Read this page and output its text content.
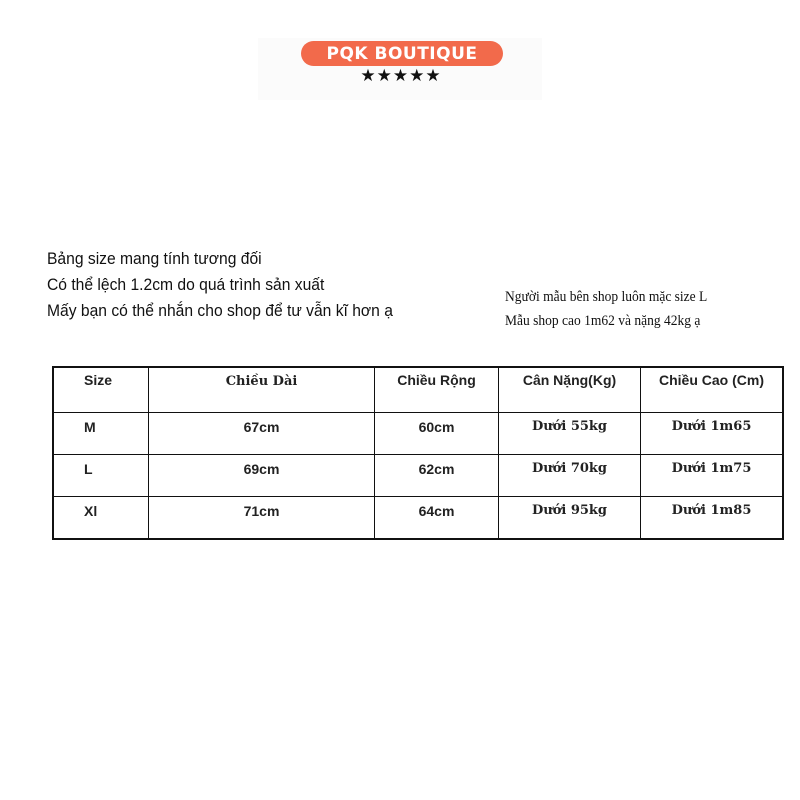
PQK BOUTIQUE
★★★★★
Bảng size mang tính tương đối
Có thể lệch 1.2cm do quá trình sản xuất
Mấy bạn có thể nhắn cho shop để tư vẫn kĩ hơn ạ
Người mẫu bên shop luôn mặc size L
Mẫu shop cao 1m62 và nặng 42kg ạ
Size	Chiều Dài	Chiều Rộng	Cân Nặng(Kg)	Chiều Cao (Cm)

M	67cm	60cm	Dưới 55kg	Dưới 1m65

L	69cm	62cm	Dưới 70kg	Dưới 1m75

Xl	71cm	64cm	Dưới 95kg	Dưới 1m85
